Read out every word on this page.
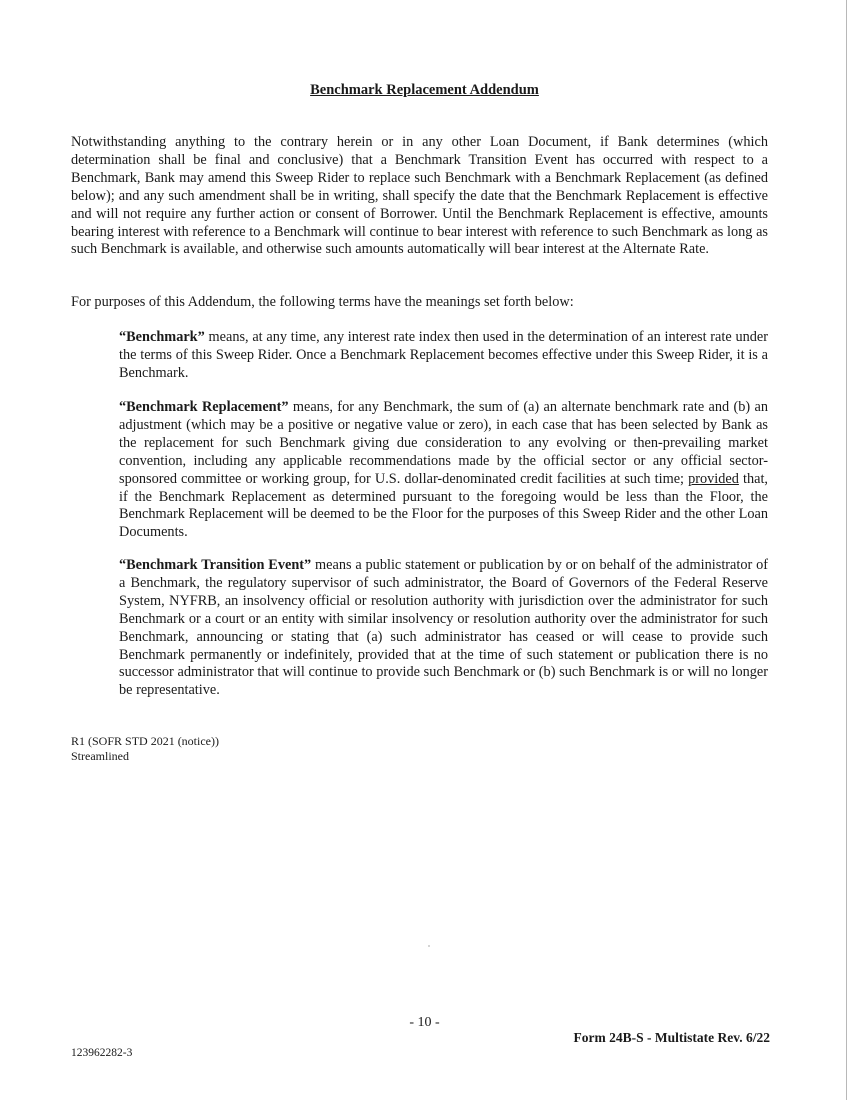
Benchmark Replacement Addendum

Notwithstanding anything to the contrary herein or in any other Loan Document, if Bank determines (which determination shall be final and conclusive) that a Benchmark Transition Event has occurred with respect to a Benchmark, Bank may amend this Sweep Rider to replace such Benchmark with a Benchmark Replacement (as defined below); and any such amendment shall be in writing, shall specify the date that the Benchmark Replacement is effective and will not require any further action or consent of Borrower. Until the Benchmark Replacement is effective, amounts bearing interest with reference to a Benchmark will continue to bear interest with reference to such Benchmark as long as such Benchmark is available, and otherwise such amounts automatically will bear interest at the Alternate Rate.

For purposes of this Addendum, the following terms have the meanings set forth below:

“Benchmark” means, at any time, any interest rate index then used in the determination of an interest rate under the terms of this Sweep Rider. Once a Benchmark Replacement becomes effective under this Sweep Rider, it is a Benchmark.

“Benchmark Replacement” means, for any Benchmark, the sum of (a) an alternate benchmark rate and (b) an adjustment (which may be a positive or negative value or zero), in each case that has been selected by Bank as the replacement for such Benchmark giving due consideration to any evolving or then-prevailing market convention, including any applicable recommendations made by the official sector or any official sector-sponsored committee or working group, for U.S. dollar-denominated credit facilities at such time; provided that, if the Benchmark Replacement as determined pursuant to the foregoing would be less than the Floor, the Benchmark Replacement will be deemed to be the Floor for the purposes of this Sweep Rider and the other Loan Documents.

“Benchmark Transition Event” means a public statement or publication by or on behalf of the administrator of a Benchmark, the regulatory supervisor of such administrator, the Board of Governors of the Federal Reserve System, NYFRB, an insolvency official or resolution authority with jurisdiction over the administrator for such Benchmark or a court or an entity with similar insolvency or resolution authority over the administrator for such Benchmark, announcing or stating that (a) such administrator has ceased or will cease to provide such Benchmark permanently or indefinitely, provided that at the time of such statement or publication there is no successor administrator that will continue to provide such Benchmark or (b) such Benchmark is or will no longer be representative.

R1 (SOFR STD 2021 (notice))
Streamlined
- 10 -
Form 24B-S - Multistate Rev. 6/22
123962282-3
